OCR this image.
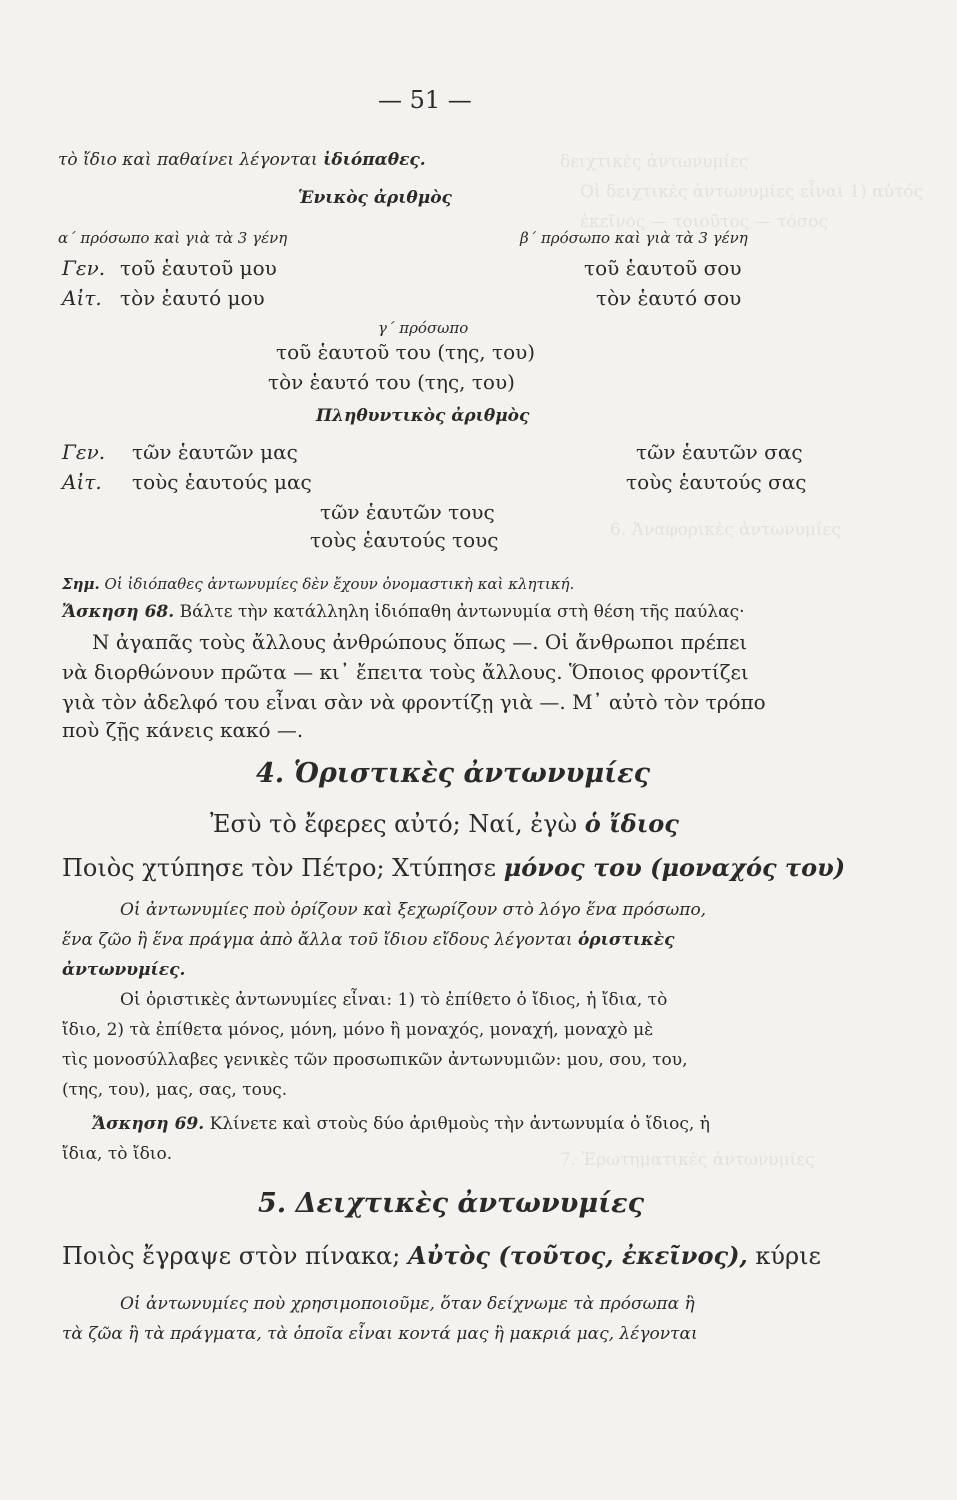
δειχτικὲς ἀντωνυμίες
Οἱ δειχτικὲς ἀντωνυμίες εἶναι 1) αὐτός
ἐκεῖνος — τοιοῦτος — τόσος
6. Ἀναφορικὲς ἀντωνυμίες
7. Ἐρωτηματικὲς ἀντωνυμίες
— 51 —
τὸ ἴδιο καὶ παθαίνει λέγονται ἰδιόπαθες.
Ἑνικὸς ἀριθμὸς
α΄ πρόσωπο καὶ γιὰ τὰ 3 γένη	β΄ πρόσωπο καὶ γιὰ τὰ 3 γένη
Γεν. τοῦ ἑαυτοῦ μου	τοῦ ἑαυτοῦ σου
Αἰτ. τὸν ἑαυτό μου	τὸν ἑαυτό σου
γ΄ πρόσωπο
τοῦ ἑαυτοῦ του (της, του)
τὸν ἑαυτό του (της, του)
Πληθυντικὸς ἀριθμὸς
Γεν. τῶν ἑαυτῶν μας	τῶν ἑαυτῶν σας
Αἰτ. τοὺς ἑαυτούς μας	τοὺς ἑαυτούς σας
τῶν ἑαυτῶν τους
τοὺς ἑαυτούς τους
Σημ. Οἱ ἰδιόπαθες ἀντωνυμίες δὲν ἔχουν ὀνομαστικὴ καὶ κλητική.
Ἄσκηση 68. Βάλτε τὴν κατάλληλη ἰδιόπαθη ἀντωνυμία στὴ θέση τῆς παύλας·
Ν ἀγαπᾶς τοὺς ἄλλους ἀνθρώπους ὅπως —. Οἱ ἄνθρωποι πρέπει
νὰ διορθώνουν πρῶτα — κι᾽ ἔπειτα τοὺς ἄλλους. Ὅποιος φροντίζει
γιὰ τὸν ἀδελφό του εἶναι σὰν νὰ φροντίζῃ γιὰ —. Μ᾽ αὐτὸ τὸν τρόπο
ποὺ ζῇς κάνεις κακό —.
4. Ὁριστικὲς ἀντωνυμίες
Ἐσὺ τὸ ἔφερες αὐτό; Ναί, ἐγὼ ὁ ἴδιος
Ποιὸς χτύπησε τὸν Πέτρο; Χτύπησε μόνος του (μοναχός του)
Οἱ ἀντωνυμίες ποὺ ὁρίζουν καὶ ξεχωρίζουν στὸ λόγο ἕνα πρόσωπο,
ἕνα ζῶο ἢ ἕνα πράγμα ἀπὸ ἄλλα τοῦ ἴδιου εἴδους λέγονται ὁριστικὲς
ἀντωνυμίες.
Οἱ ὁριστικὲς ἀντωνυμίες εἶναι: 1) τὸ ἐπίθετο ὁ ἴδιος, ἡ ἴδια, τὸ
ἴδιο, 2) τὰ ἐπίθετα μόνος, μόνη, μόνο ἢ μοναχός, μοναχή, μοναχὸ μὲ
τὶς μονοσύλλαβες γενικὲς τῶν προσωπικῶν ἀντωνυμιῶν: μου, σου, του,
(της, του), μας, σας, τους.
Ἄσκηση 69. Κλίνετε καὶ στοὺς δύο ἀριθμοὺς τὴν ἀντωνυμία ὁ ἴδιος, ἡ
ἴδια, τὸ ἴδιο.
5. Δειχτικὲς ἀντωνυμίες
Ποιὸς ἔγραψε στὸν πίνακα; Αὐτὸς (τοῦτος, ἐκεῖνος), κύριε
Οἱ ἀντωνυμίες ποὺ χρησιμοποιοῦμε, ὅταν δείχνωμε τὰ πρόσωπα ἢ
τὰ ζῶα ἢ τὰ πράγματα, τὰ ὁποῖα εἶναι κοντά μας ἢ μακριά μας, λέγονται
